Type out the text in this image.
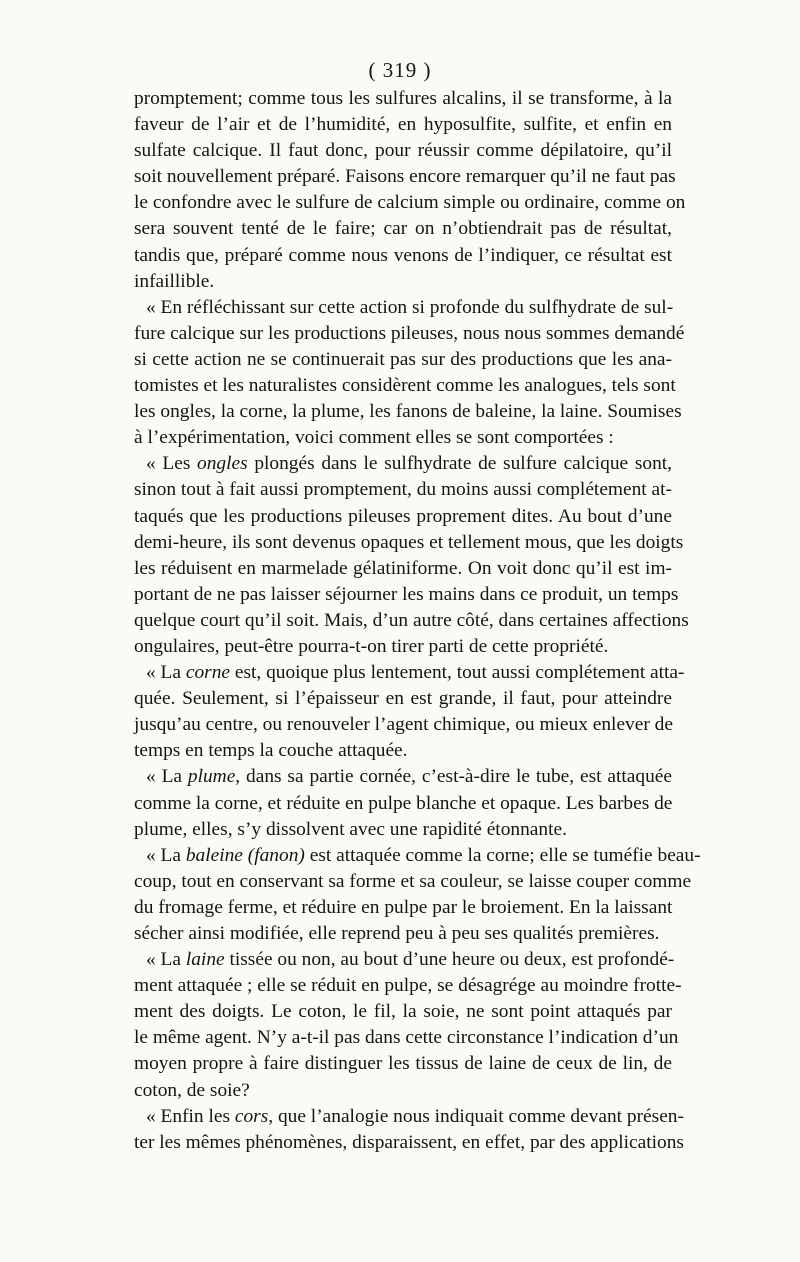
( 319 )
promptement; comme tous les sulfures alcalins, il se transforme, à la
faveur de l’air et de l’humidité, en hyposulfite, sulfite, et enfin en
sulfate calcique. Il faut donc, pour réussir comme dépilatoire, qu’il
soit nouvellement préparé. Faisons encore remarquer qu’il ne faut pas
le confondre avec le sulfure de calcium simple ou ordinaire, comme on
sera souvent tenté de le faire; car on n’obtiendrait pas de résultat,
tandis que, préparé comme nous venons de l’indiquer, ce résultat est
infaillible.
« En réfléchissant sur cette action si profonde du sulfhydrate de sul-
fure calcique sur les productions pileuses, nous nous sommes demandé
si cette action ne se continuerait pas sur des productions que les ana-
tomistes et les naturalistes considèrent comme les analogues, tels sont
les ongles, la corne, la plume, les fanons de baleine, la laine. Soumises
à l’expérimentation, voici comment elles se sont comportées :
« Les ongles plongés dans le sulfhydrate de sulfure calcique sont,
sinon tout à fait aussi promptement, du moins aussi complétement at-
taqués que les productions pileuses proprement dites. Au bout d’une
demi-heure, ils sont devenus opaques et tellement mous, que les doigts
les réduisent en marmelade gélatiniforme. On voit donc qu’il est im-
portant de ne pas laisser séjourner les mains dans ce produit, un temps
quelque court qu’il soit. Mais, d’un autre côté, dans certaines affections
ongulaires, peut-être pourra-t-on tirer parti de cette propriété.
« La corne est, quoique plus lentement, tout aussi complétement atta-
quée. Seulement, si l’épaisseur en est grande, il faut, pour atteindre
jusqu’au centre, ou renouveler l’agent chimique, ou mieux enlever de
temps en temps la couche attaquée.
« La plume, dans sa partie cornée, c’est-à-dire le tube, est attaquée
comme la corne, et réduite en pulpe blanche et opaque. Les barbes de
plume, elles, s’y dissolvent avec une rapidité étonnante.
« La baleine (fanon) est attaquée comme la corne; elle se tuméfie beau-
coup, tout en conservant sa forme et sa couleur, se laisse couper comme
du fromage ferme, et réduire en pulpe par le broiement. En la laissant
sécher ainsi modifiée, elle reprend peu à peu ses qualités premières.
« La laine tissée ou non, au bout d’une heure ou deux, est profondé-
ment attaquée ; elle se réduit en pulpe, se désagrége au moindre frotte-
ment des doigts. Le coton, le fil, la soie, ne sont point attaqués par
le même agent. N’y a-t-il pas dans cette circonstance l’indication d’un
moyen propre à faire distinguer les tissus de laine de ceux de lin, de
coton, de soie?
« Enfin les cors, que l’analogie nous indiquait comme devant présen-
ter les mêmes phénomènes, disparaissent, en effet, par des applications
